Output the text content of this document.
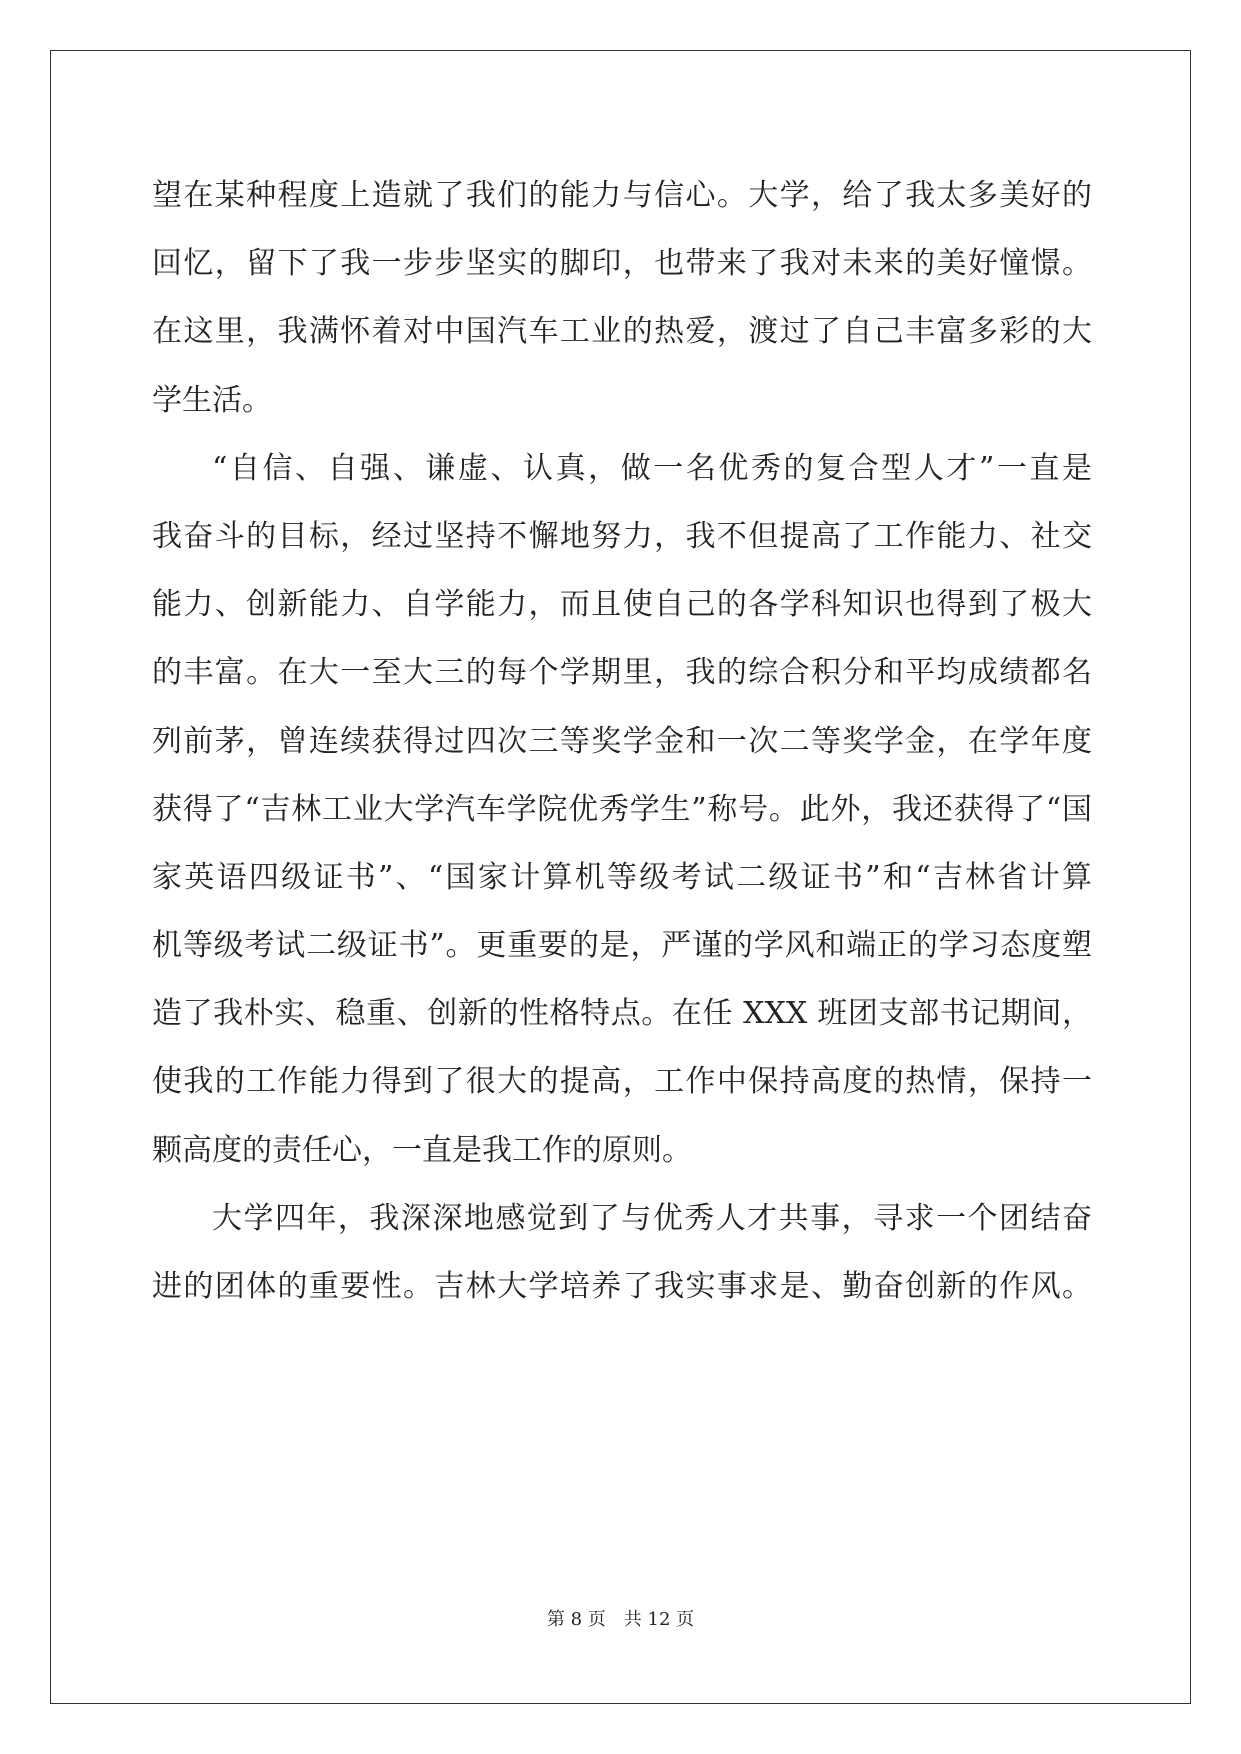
望在某种程度上造就了我们的能力与信心。大学，给了我太多美好的
回忆，留下了我一步步坚实的脚印，也带来了我对未来的美好憧憬。
在这里，我满怀着对中国汽车工业的热爱，渡过了自己丰富多彩的大
学生活。
“自信、自强、谦虚、认真，做一名优秀的复合型人才”一直是
我奋斗的目标，经过坚持不懈地努力，我不但提高了工作能力、社交
能力、创新能力、自学能力，而且使自己的各学科知识也得到了极大
的丰富。在大一至大三的每个学期里，我的综合积分和平均成绩都名
列前茅，曾连续获得过四次三等奖学金和一次二等奖学金，在学年度
获得了“吉林工业大学汽车学院优秀学生”称号。此外，我还获得了“国
家英语四级证书”、“国家计算机等级考试二级证书”和“吉林省计算
机等级考试二级证书”。更重要的是，严谨的学风和端正的学习态度塑
造了我朴实、稳重、创新的性格特点。在任 XXX 班团支部书记期间，
使我的工作能力得到了很大的提高，工作中保持高度的热情，保持一
颗高度的责任心，一直是我工作的原则。
大学四年，我深深地感觉到了与优秀人才共事，寻求一个团结奋
进的团体的重要性。吉林大学培养了我实事求是、勤奋创新的作风。
第 8 页　共 12 页
